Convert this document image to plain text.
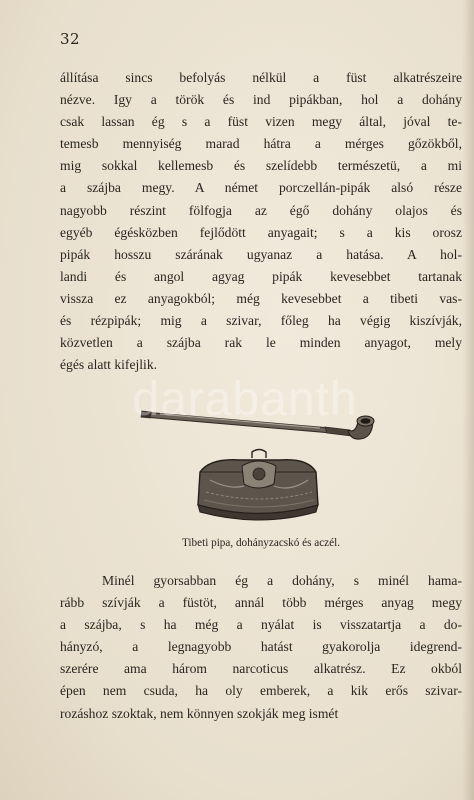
32
állítása sincs befolyás nélkül a füst alkatrészeire
nézve. Igy a török és ind pipákban, hol a dohány
csak lassan ég s a füst vizen megy által, jóval te-
temesb mennyiség marad hátra a mérges gőzökből,
mig sokkal kellemesb és szelídebb természetü, a mi
a szájba megy. A német porczellán-pipák alsó része
nagyobb részint fölfogja az égő dohány olajos és
egyéb égésközben fejlődött anyagait; s a kis orosz
pipák hosszu szárának ugyanaz a hatása. A hol-
landi és angol agyag pipák kevesebbet tartanak
vissza ez anyagokból; még kevesebbet a tibeti vas-
és rézpipák; mig a szivar, főleg ha végig kiszívják,
közvetlen a szájba rak le minden anyagot, mely
égés alatt kifejlik.
Tibeti pipa, dohányzacskó és aczél.
Minél gyorsabban ég a dohány, s minél hama-
rább szívják a füstöt, annál több mérges anyag megy
a szájba, s ha még a nyálat is visszatartja a do-
hányzó, a legnagyobb hatást gyakorolja idegrend-
szerére ama három narcoticus alkatrész. Ez okból
épen nem csuda, ha oly emberek, a kik erős szivar-
rozáshoz szoktak, nem könnyen szokják meg ismét
darabanth
